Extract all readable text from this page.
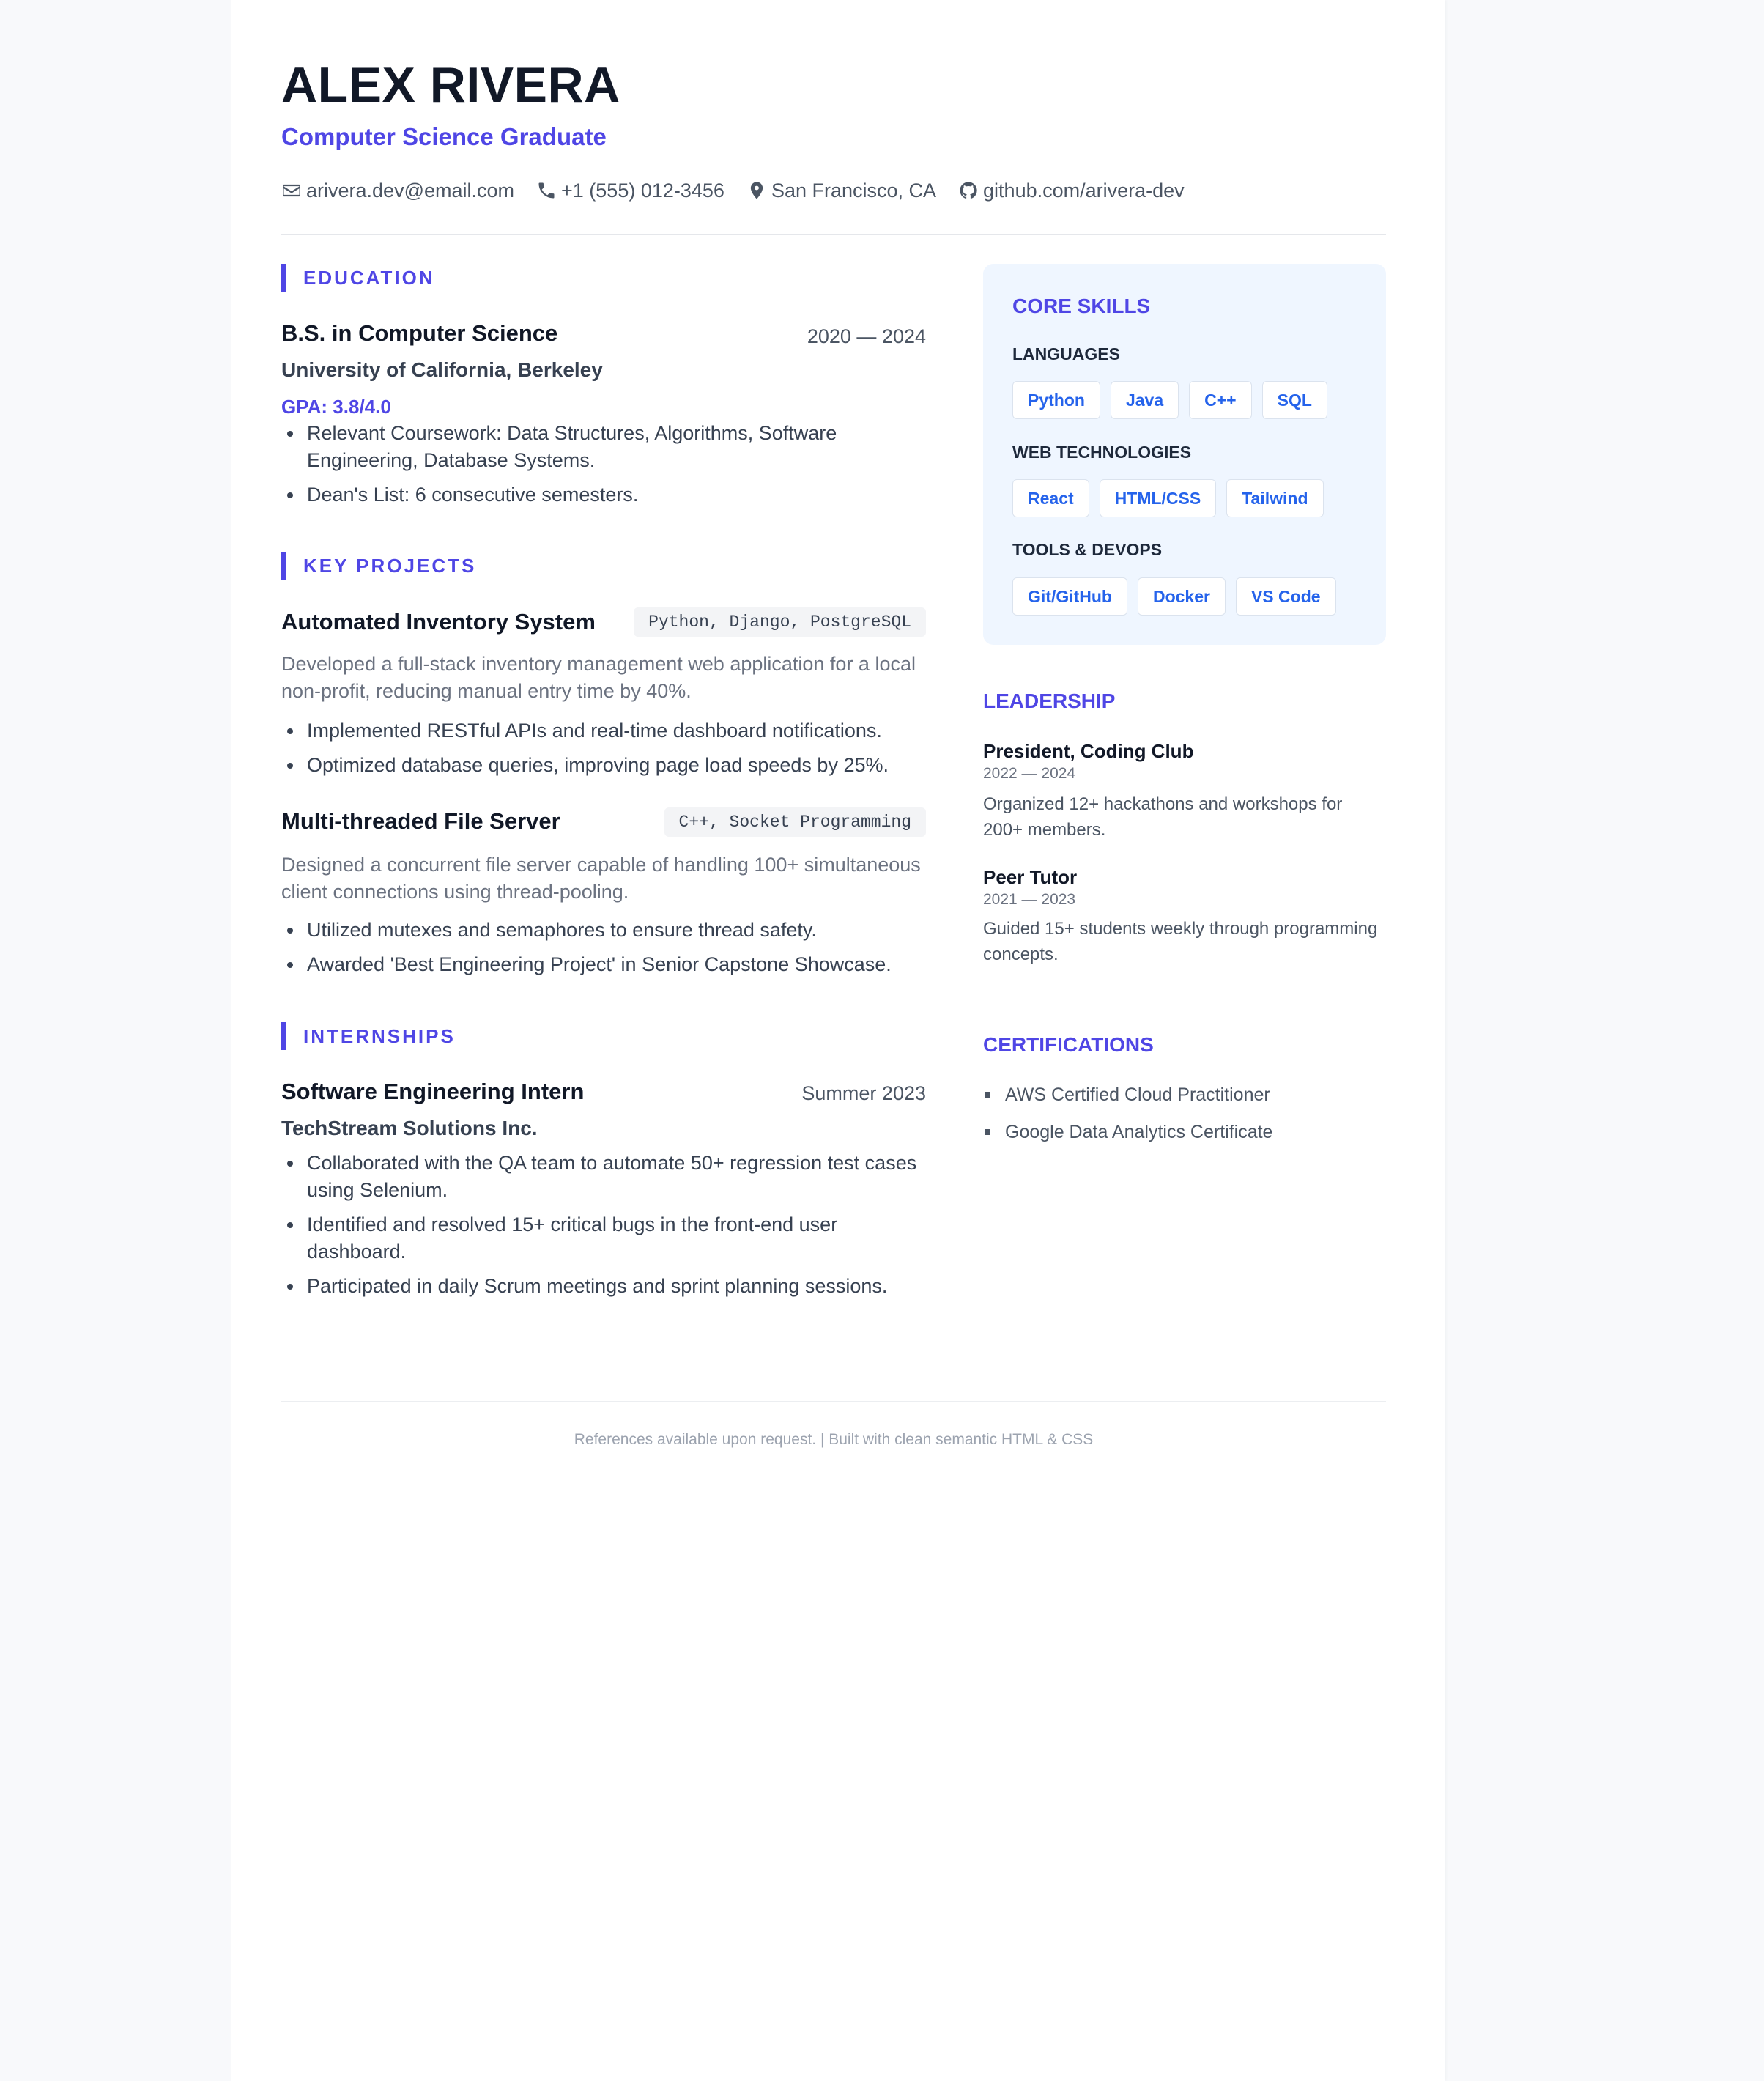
ALEX RIVERA
Computer Science Graduate
arivera.dev@email.com +1 (555) 012-3456 San Francisco, CA github.com/arivera-dev
EDUCATION
B.S. in Computer Science	2020 — 2024
University of California, Berkeley
GPA: 3.8/4.0
Relevant Coursework: Data Structures, Algorithms, Software Engineering, Database Systems.
Dean's List: 6 consecutive semesters.
KEY PROJECTS
Automated Inventory System	Python, Django, PostgreSQL
Developed a full-stack inventory management web application for a local non-profit, reducing manual entry time by 40%.
Implemented RESTful APIs and real-time dashboard notifications.
Optimized database queries, improving page load speeds by 25%.
Multi-threaded File Server	C++, Socket Programming
Designed a concurrent file server capable of handling 100+ simultaneous client connections using thread-pooling.
Utilized mutexes and semaphores to ensure thread safety.
Awarded 'Best Engineering Project' in Senior Capstone Showcase.
INTERNSHIPS
Software Engineering Intern	Summer 2023
TechStream Solutions Inc.
Collaborated with the QA team to automate 50+ regression test cases using Selenium.
Identified and resolved 15+ critical bugs in the front-end user dashboard.
Participated in daily Scrum meetings and sprint planning sessions.
CORE SKILLS
LANGUAGES
Python	Java	C++	SQL
WEB TECHNOLOGIES
React	HTML/CSS	Tailwind
TOOLS & DEVOPS
Git/GitHub	Docker	VS Code
LEADERSHIP
President, Coding Club
2022 — 2024
Organized 12+ hackathons and workshops for 200+ members.
Peer Tutor
2021 — 2023
Guided 15+ students weekly through programming concepts.
CERTIFICATIONS
AWS Certified Cloud Practitioner
Google Data Analytics Certificate
References available upon request. | Built with clean semantic HTML & CSS
